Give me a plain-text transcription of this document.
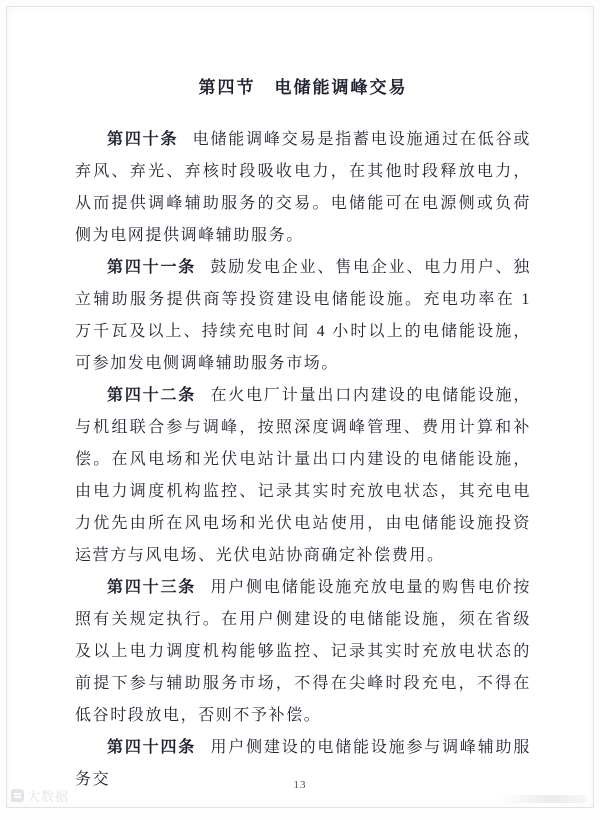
第四节　电储能调峰交易

第四十条 电储能调峰交易是指蓄电设施通过在低谷或弃风、弃光、弃核时段吸收电力，在其他时段释放电力，从而提供调峰辅助服务的交易。电储能可在电源侧或负荷侧为电网提供调峰辅助服务。

第四十一条 鼓励发电企业、售电企业、电力用户、独立辅助服务提供商等投资建设电储能设施。充电功率在 1 万千瓦及以上、持续充电时间 4 小时以上的电储能设施，可参加发电侧调峰辅助服务市场。

第四十二条 在火电厂计量出口内建设的电储能设施，与机组联合参与调峰，按照深度调峰管理、费用计算和补偿。在风电场和光伏电站计量出口内建设的电储能设施，由电力调度机构监控、记录其实时充放电状态，其充电电力优先由所在风电场和光伏电站使用，由电储能设施投资运营方与风电场、光伏电站协商确定补偿费用。

第四十三条 用户侧电储能设施充放电量的购售电价按照有关规定执行。在用户侧建设的电储能设施，须在省级及以上电力调度机构能够监控、记录其实时充放电状态的前提下参与辅助服务市场，不得在尖峰时段充电，不得在低谷时段放电，否则不予补偿。

第四十四条 用户侧建设的电储能设施参与调峰辅助服务交	13
大数据
